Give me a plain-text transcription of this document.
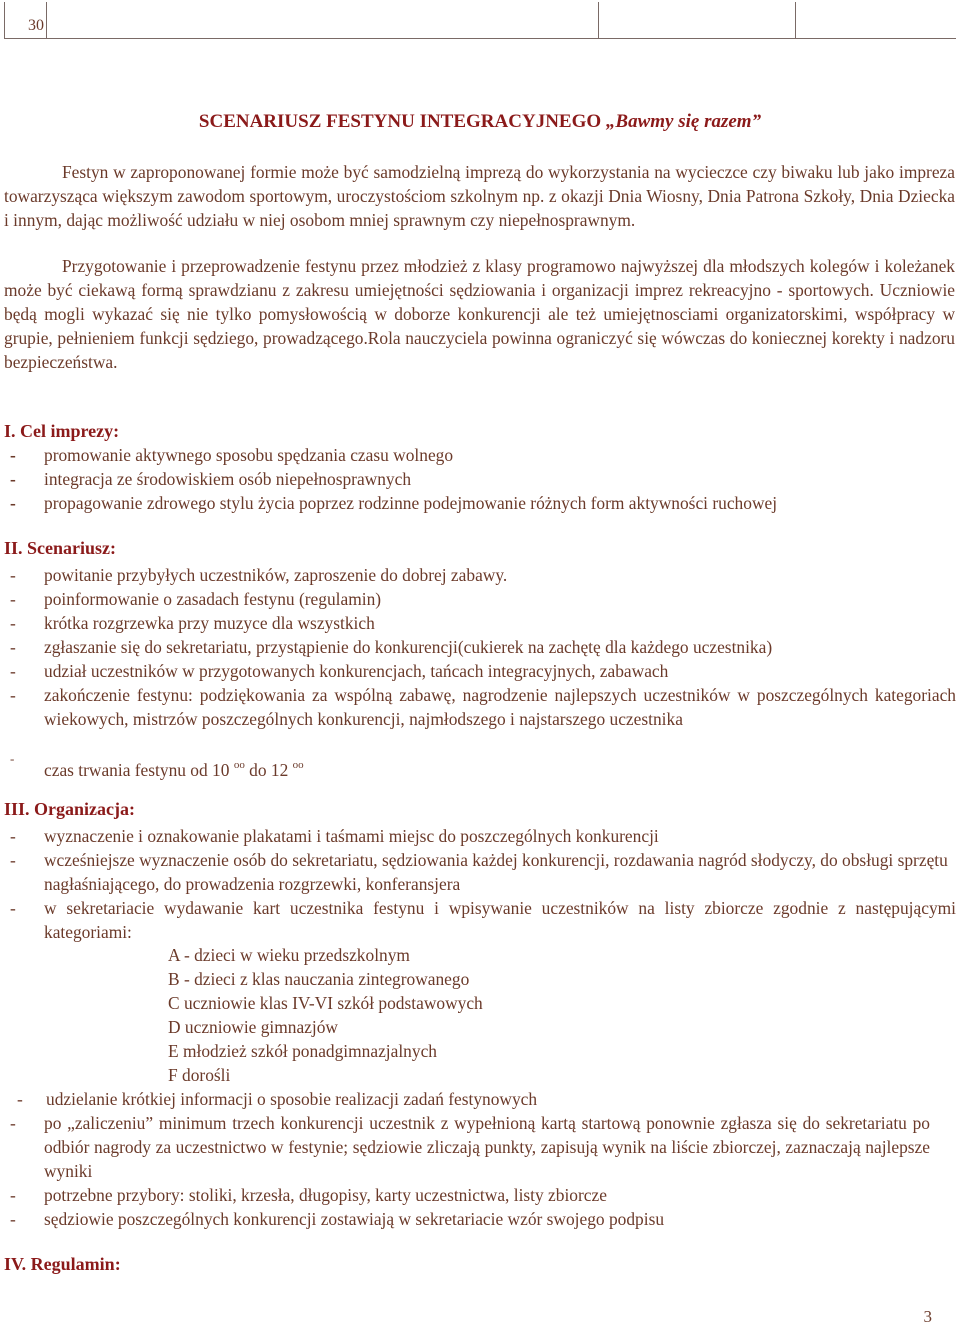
30
SCENARIUSZ FESTYNU INTEGRACYJNEGO „Bawmy się razem”
Festyn w zaproponowanej formie może być samodzielną imprezą do wykorzystania na wycieczce czy biwaku lub jako impreza towarzysząca większym zawodom sportowym, uroczystościom szkolnym np. z okazji Dnia Wiosny, Dnia Patrona Szkoły, Dnia Dziecka i innym, dając możliwość udziału w niej osobom mniej sprawnym czy niepełnosprawnym.
Przygotowanie i przeprowadzenie festynu przez młodzież z klasy programowo najwyższej dla młodszych kolegów i koleżanek może być ciekawą formą sprawdzianu z zakresu umiejętności sędziowania i organizacji imprez rekreacyjno - sportowych. Uczniowie będą mogli wykazać się nie tylko pomysłowością w doborze konkurencji ale też umiejętnosciami organizatorskimi, współpracy w grupie, pełnieniem funkcji sędziego, prowadzącego.Rola nauczyciela powinna ograniczyć się wówczas do koniecznej korekty i nadzoru bezpieczeństwa.
I. Cel imprezy:
- promowanie aktywnego sposobu spędzania czasu wolnego
- integracja ze środowiskiem osób niepełnosprawnych
- propagowanie zdrowego stylu życia poprzez rodzinne podejmowanie różnych form aktywności ruchowej
II. Scenariusz:
- powitanie przybyłych uczestników, zaproszenie do dobrej zabawy.
- poinformowanie o zasadach festynu (regulamin)
- krótka rozgrzewka przy muzyce dla wszystkich
- zgłaszanie się do sekretariatu, przystąpienie do konkurencji(cukierek na zachętę dla każdego uczestnika)
- udział uczestników w przygotowanych konkurencjach, tańcach integracyjnych, zabawach
- zakończenie festynu: podziękowania za wspólną zabawę, nagrodzenie najlepszych uczestników w poszczególnych kategoriach wiekowych, mistrzów poszczególnych konkurencji, najmłodszego i najstarszego uczestnika
-
czas trwania festynu od 10 $^{oo}$ do 12 $^{oo}$
III. Organizacja:
- wyznaczenie i oznakowanie plakatami i taśmami miejsc do poszczególnych konkurencji
- wcześniejsze wyznaczenie osób do sekretariatu, sędziowania każdej konkurencji, rozdawania nagród słodyczy, do obsługi sprzętu nagłaśniającego, do prowadzenia rozgrzewki, konferansjera
- w sekretariacie wydawanie kart uczestnika festynu i wpisywanie uczestników na listy zbiorcze zgodnie z następującymi kategoriami:
A - dzieci w wieku przedszkolnym
B - dzieci z klas nauczania zintegrowanego
C uczniowie klas IV-VI szkół podstawowych
D uczniowie gimnazjów
E młodzież szkół ponadgimnazjalnych
F dorośli
- udzielanie krótkiej informacji o sposobie realizacji zadań festynowych
- po „zaliczeniu” minimum trzech konkurencji uczestnik z wypełnioną kartą startową ponownie zgłasza się do sekretariatu po odbiór nagrody za uczestnictwo w festynie; sędziowie zliczają punkty, zapisują wynik na liście zbiorczej, zaznaczają najlepsze wyniki
- potrzebne przybory: stoliki, krzesła, długopisy, karty uczestnictwa, listy zbiorcze
- sędziowie poszczególnych konkurencji zostawiają w sekretariacie wzór swojego podpisu
IV. Regulamin:
3
